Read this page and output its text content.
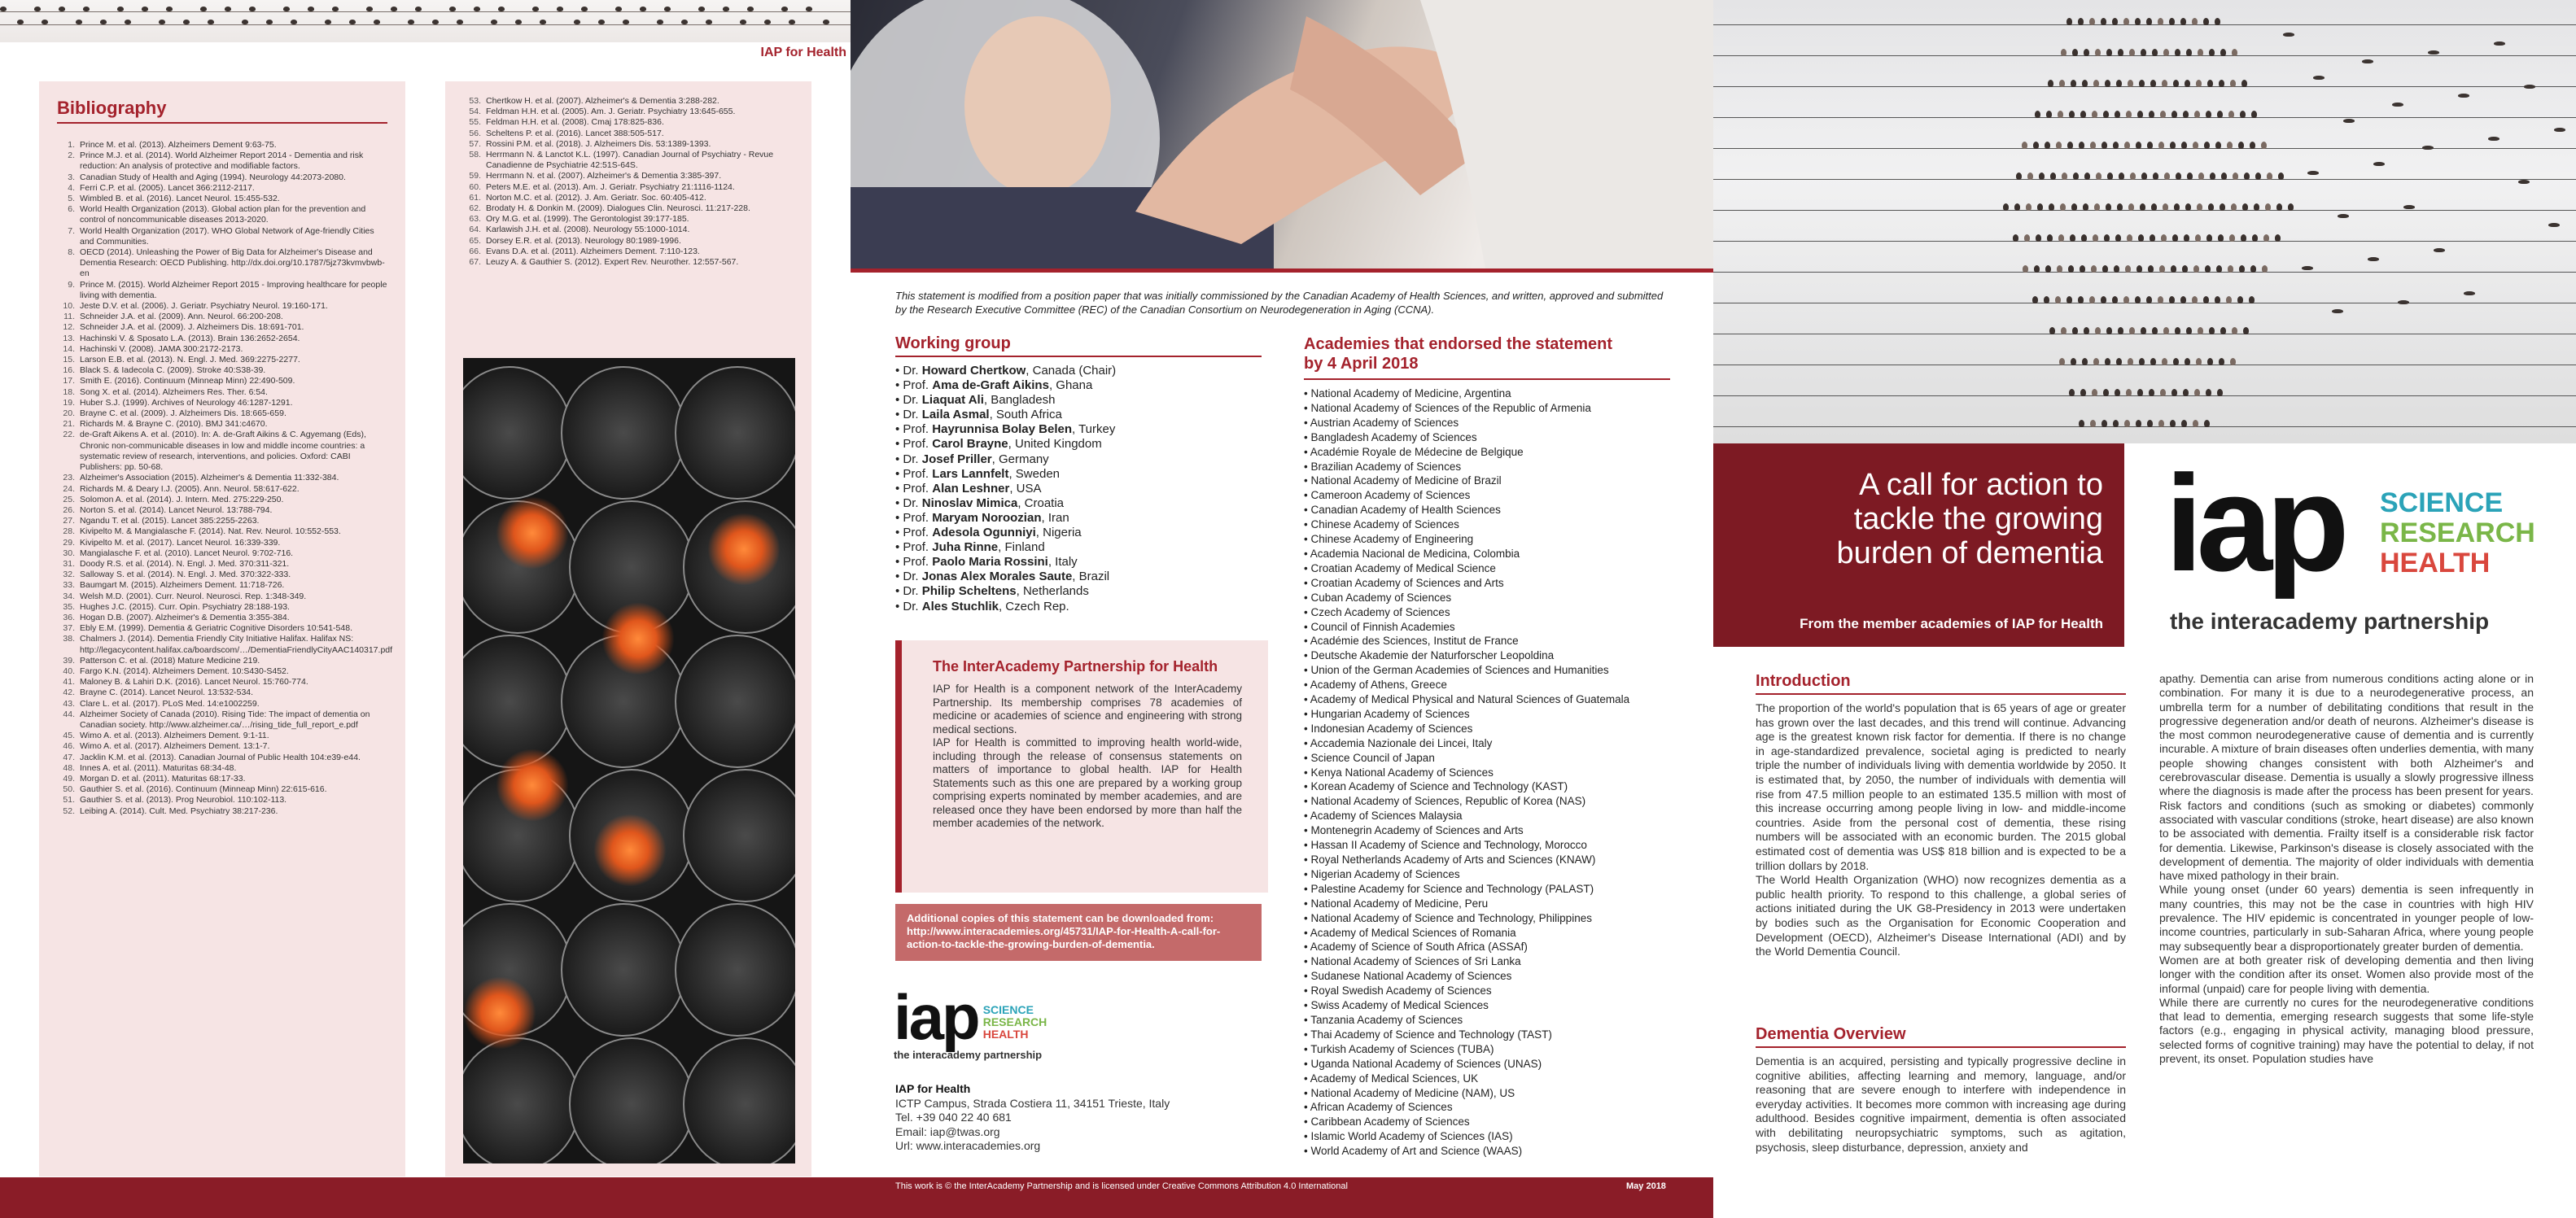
IAP for Health
Bibliography
1. Prince M. et al. (2013). Alzheimers Dement 9:63-75.
2. Prince M.J. et al. (2014). World Alzheimer Report 2014 - Dementia and risk reduction: An analysis of protective and modifiable factors.
3. Canadian Study of Health and Aging (1994). Neurology 44:2073-2080.
4. Ferri C.P. et al. (2005). Lancet 366:2112-2117.
5. Wimbled B. et al. (2016). Lancet Neurol. 15:455-532.
6. World Health Organization (2013). Global action plan for the prevention and control of noncommunicable diseases 2013-2020.
7. World Health Organization (2017). WHO Global Network of Age-friendly Cities and Communities.
8. OECD (2014). Unleashing the Power of Big Data for Alzheimer's Disease and Dementia Research: OECD Publishing. http://dx.doi.org/10.1787/5jz73kvmvbwb-en
9. Prince M. (2015). World Alzheimer Report 2015 - Improving healthcare for people living with dementia.
10. Jeste D.V. et al. (2006). J. Geriatr. Psychiatry Neurol. 19:160-171.
11. Schneider J.A. et al. (2009). Ann. Neurol. 66:200-208.
12. Schneider J.A. et al. (2009). J. Alzheimers Dis. 18:691-701.
13. Hachinski V. & Sposato L.A. (2013). Brain 136:2652-2654.
14. Hachinski V. (2008). JAMA 300:2172-2173.
15. Larson E.B. et al. (2013). N. Engl. J. Med. 369:2275-2277.
16. Black S. & Iadecola C. (2009). Stroke 40:S38-39.
17. Smith E. (2016). Continuum (Minneap Minn) 22:490-509.
18. Song X. et al. (2014). Alzheimers Res. Ther. 6:54.
19. Huber S.J. (1999). Archives of Neurology 46:1287-1291.
20. Brayne C. et al. (2009). J. Alzheimers Dis. 18:665-659.
21. Richards M. & Brayne C. (2010). BMJ 341:c4670.
22. de-Graft Aikens A. et al. (2010). In: A. de-Graft Aikins & C. Agyemang (Eds), Chronic non-communicable diseases in low and middle income countries: a systematic review of research, interventions, and policies. Oxford: CABI Publishers: pp. 50-68.
23. Alzheimer's Association (2015). Alzheimer's & Dementia 11:332-384.
24. Richards M. & Deary I.J. (2005). Ann. Neurol. 58:617-622.
25. Solomon A. et al. (2014). J. Intern. Med. 275:229-250.
26. Norton S. et al. (2014). Lancet Neurol. 13:788-794.
27. Ngandu T. et al. (2015). Lancet 385:2255-2263.
28. Kivipelto M. & Mangialasche F. (2014). Nat. Rev. Neurol. 10:552-553.
29. Kivipelto M. et al. (2017). Lancet Neurol. 16:339-339.
30. Mangialasche F. et al. (2010). Lancet Neurol. 9:702-716.
31. Doody R.S. et al. (2014). N. Engl. J. Med. 370:311-321.
32. Salloway S. et al. (2014). N. Engl. J. Med. 370:322-333.
33. Baumgart M. (2015). Alzheimers Dement. 11:718-726.
34. Welsh M.D. (2001). Curr. Neurol. Neurosci. Rep. 1:348-349.
35. Hughes J.C. (2015). Curr. Opin. Psychiatry 28:188-193.
36. Hogan D.B. (2007). Alzheimer's & Dementia 3:355-384.
37. Ebly E.M. (1999). Dementia & Geriatric Cognitive Disorders 10:541-548.
38. Chalmers J. (2014). Dementia Friendly City Initiative Halifax. Halifax NS: http://legacycontent.halifax.ca/boardscom/…/DementiaFriendlyCityAAC140317.pdf
39. Patterson C. et al. (2018) Mature Medicine 219.
40. Fargo K.N. (2014). Alzheimers Dement. 10:S430-S452.
41. Maloney B. & Lahiri D.K. (2016). Lancet Neurol. 15:760-774.
42. Brayne C. (2014). Lancet Neurol. 13:532-534.
43. Clare L. et al. (2017). PLoS Med. 14:e1002259.
44. Alzheimer Society of Canada (2010). Rising Tide: The impact of dementia on Canadian society. http://www.alzheimer.ca/…/rising_tide_full_report_e.pdf
45. Wimo A. et al. (2013). Alzheimers Dement. 9:1-11.
46. Wimo A. et al. (2017). Alzheimers Dement. 13:1-7.
47. Jacklin K.M. et al. (2013). Canadian Journal of Public Health 104:e39-e44.
48. Innes A. et al. (2011). Maturitas 68:34-48.
49. Morgan D. et al. (2011). Maturitas 68:17-33.
50. Gauthier S. et al. (2016). Continuum (Minneap Minn) 22:615-616.
51. Gauthier S. et al. (2013). Prog Neurobiol. 110:102-113.
52. Leibing A. (2014). Cult. Med. Psychiatry 38:217-236.
53. Chertkow H. et al. (2007). Alzheimer's & Dementia 3:288-282.
54. Feldman H.H. et al. (2005). Am. J. Geriatr. Psychiatry 13:645-655.
55. Feldman H.H. et al. (2008). Cmaj 178:825-836.
56. Scheltens P. et al. (2016). Lancet 388:505-517.
57. Rossini P.M. et al. (2018). J. Alzheimers Dis. 53:1389-1393.
58. Herrmann N. & Lanctot K.L. (1997). Canadian Journal of Psychiatry - Revue Canadienne de Psychiatrie 42:51S-64S.
59. Herrmann N. et al. (2007). Alzheimer's & Dementia 3:385-397.
60. Peters M.E. et al. (2013). Am. J. Geriatr. Psychiatry 21:1116-1124.
61. Norton M.C. et al. (2012). J. Am. Geriatr. Soc. 60:405-412.
62. Brodaty H. & Donkin M. (2009). Dialogues Clin. Neurosci. 11:217-228.
63. Ory M.G. et al. (1999). The Gerontologist 39:177-185.
64. Karlawish J.H. et al. (2008). Neurology 55:1000-1014.
65. Dorsey E.R. et al. (2013). Neurology 80:1989-1996.
66. Evans D.A. et al. (2011). Alzheimers Dement. 7:110-123.
67. Leuzy A. & Gauthier S. (2012). Expert Rev. Neurother. 12:557-567.
This statement is modified from a position paper that was initially commissioned by the Canadian Academy of Health Sciences, and written, approved and submitted by the Research Executive Committee (REC) of the Canadian Consortium on Neurodegeneration in Aging (CCNA).
Working group
• Dr. Howard Chertkow, Canada (Chair)
• Prof. Ama de-Graft Aikins, Ghana
• Dr. Liaquat Ali, Bangladesh
• Dr. Laila Asmal, South Africa
• Prof. Hayrunnisa Bolay Belen, Turkey
• Prof. Carol Brayne, United Kingdom
• Dr. Josef Priller, Germany
• Prof. Lars Lannfelt, Sweden
• Prof. Alan Leshner, USA
• Dr. Ninoslav Mimica, Croatia
• Prof. Maryam Noroozian, Iran
• Prof. Adesola Ogunniyi, Nigeria
• Prof. Juha Rinne, Finland
• Prof. Paolo Maria Rossini, Italy
• Dr. Jonas Alex Morales Saute, Brazil
• Dr. Philip Scheltens, Netherlands
• Dr. Ales Stuchlik, Czech Rep.
Academies that endorsed the statement
by 4 April 2018
• National Academy of Medicine, Argentina
• National Academy of Sciences of the Republic of Armenia
• Austrian Academy of Sciences
• Bangladesh Academy of Sciences
• Académie Royale de Médecine de Belgique
• Brazilian Academy of Sciences
• National Academy of Medicine of Brazil
• Cameroon Academy of Sciences
• Canadian Academy of Health Sciences
• Chinese Academy of Sciences
• Chinese Academy of Engineering
• Academia Nacional de Medicina, Colombia
• Croatian Academy of Medical Science
• Croatian Academy of Sciences and Arts
• Cuban Academy of Sciences
• Czech Academy of Sciences
• Council of Finnish Academies
• Académie des Sciences, Institut de France
• Deutsche Akademie der Naturforscher Leopoldina
• Union of the German Academies of Sciences and Humanities
• Academy of Athens, Greece
• Academy of Medical Physical and Natural Sciences of Guatemala
• Hungarian Academy of Sciences
• Indonesian Academy of Sciences
• Accademia Nazionale dei Lincei, Italy
• Science Council of Japan
• Kenya National Academy of Sciences
• Korean Academy of Science and Technology (KAST)
• National Academy of Sciences, Republic of Korea (NAS)
• Academy of Sciences Malaysia
• Montenegrin Academy of Sciences and Arts
• Hassan II Academy of Science and Technology, Morocco
• Royal Netherlands Academy of Arts and Sciences (KNAW)
• Nigerian Academy of Sciences
• Palestine Academy for Science and Technology (PALAST)
• National Academy of Medicine, Peru
• National Academy of Science and Technology, Philippines
• Academy of Medical Sciences of Romania
• Academy of Science of South Africa (ASSAf)
• National Academy of Sciences of Sri Lanka
• Sudanese National Academy of Sciences
• Royal Swedish Academy of Sciences
• Swiss Academy of Medical Sciences
• Tanzania Academy of Sciences
• Thai Academy of Science and Technology (TAST)
• Turkish Academy of Sciences (TUBA)
• Uganda National Academy of Sciences (UNAS)
• Academy of Medical Sciences, UK
• National Academy of Medicine (NAM), US
• African Academy of Sciences
• Caribbean Academy of Sciences
• Islamic World Academy of Sciences (IAS)
• World Academy of Art and Science (WAAS)
The InterAcademy Partnership for Health
IAP for Health is a component network of the InterAcademy Partnership. Its membership comprises 78 academies of medicine or academies of science and engineering with strong medical sections.
IAP for Health is committed to improving health world-wide, including through the release of consensus statements on matters of importance to global health. IAP for Health Statements such as this one are prepared by a working group comprising experts nominated by member academies, and are released once they have been endorsed by more than half the member academies of the network.
Additional copies of this statement can be downloaded from: http://www.interacademies.org/45731/IAP-for-Health-A-call-for-action-to-tackle-the-growing-burden-of-dementia.
iap SCIENCE
RESEARCH
HEALTH
the interacademy partnership
IAP for Health
ICTP Campus, Strada Costiera 11, 34151 Trieste, Italy
Tel. +39 040 22 40 681
Email: iap@twas.org
Url: www.interacademies.org
This work is © the InterAcademy Partnership and is licensed under Creative Commons Attribution 4.0 International	May 2018
A call for action to tackle the growing burden of dementia
From the member academies of IAP for Health
iap SCIENCE
RESEARCH
HEALTH
the interacademy partnership
Introduction
The proportion of the world's population that is 65 years of age or greater has grown over the last decades, and this trend will continue. Advancing age is the greatest known risk factor for dementia. If there is no change in age-standardized prevalence, societal aging is predicted to nearly triple the number of individuals living with dementia worldwide by 2050. It is estimated that, by 2050, the number of individuals with dementia will rise from 47.5 million people to an estimated 135.5 million with most of this increase occurring among people living in low- and middle-income countries. Aside from the personal cost of dementia, these rising numbers will be associated with an economic burden. The 2015 global estimated cost of dementia was US$ 818 billion and is expected to be a trillion dollars by 2018.
The World Health Organization (WHO) now recognizes dementia as a public health priority. To respond to this challenge, a global series of actions initiated during the UK G8-Presidency in 2013 were undertaken by bodies such as the Organisation for Economic Cooperation and Development (OECD), Alzheimer's Disease International (ADI) and by the World Dementia Council.
Dementia Overview
Dementia is an acquired, persisting and typically progressive decline in cognitive abilities, affecting learning and memory, language, and/or reasoning that are severe enough to interfere with independence in everyday activities. It becomes more common with increasing age during adulthood. Besides cognitive impairment, dementia is often associated with debilitating neuropsychiatric symptoms, such as agitation, psychosis, sleep disturbance, depression, anxiety and
apathy. Dementia can arise from numerous conditions acting alone or in combination. For many it is due to a neurodegenerative process, an umbrella term for a number of debilitating conditions that result in the progressive degeneration and/or death of neurons. Alzheimer's disease is the most common neurodegenerative cause of dementia and is currently incurable. A mixture of brain diseases often underlies dementia, with many people showing changes consistent with both Alzheimer's and cerebrovascular disease. Dementia is usually a slowly progressive illness where the diagnosis is made after the process has been present for years.
Risk factors and conditions (such as smoking or diabetes) commonly associated with vascular conditions (stroke, heart disease) are also known to be associated with dementia. Frailty itself is a considerable risk factor for dementia. Likewise, Parkinson's disease is closely associated with the development of dementia. The majority of older individuals with dementia have mixed pathology in their brain.
While young onset (under 60 years) dementia is seen infrequently in many countries, this may not be the case in countries with high HIV prevalence. The HIV epidemic is concentrated in younger people of low-income countries, particularly in sub-Saharan Africa, where young people may subsequently bear a disproportionately greater burden of dementia.
Women are at both greater risk of developing dementia and then living longer with the condition after its onset. Women also provide most of the informal (unpaid) care for people living with dementia.
While there are currently no cures for the neurodegenerative conditions that lead to dementia, emerging research suggests that some life-style factors (e.g., engaging in physical activity, managing blood pressure, selected forms of cognitive training) may have the potential to delay, if not prevent, its onset. Population studies have
